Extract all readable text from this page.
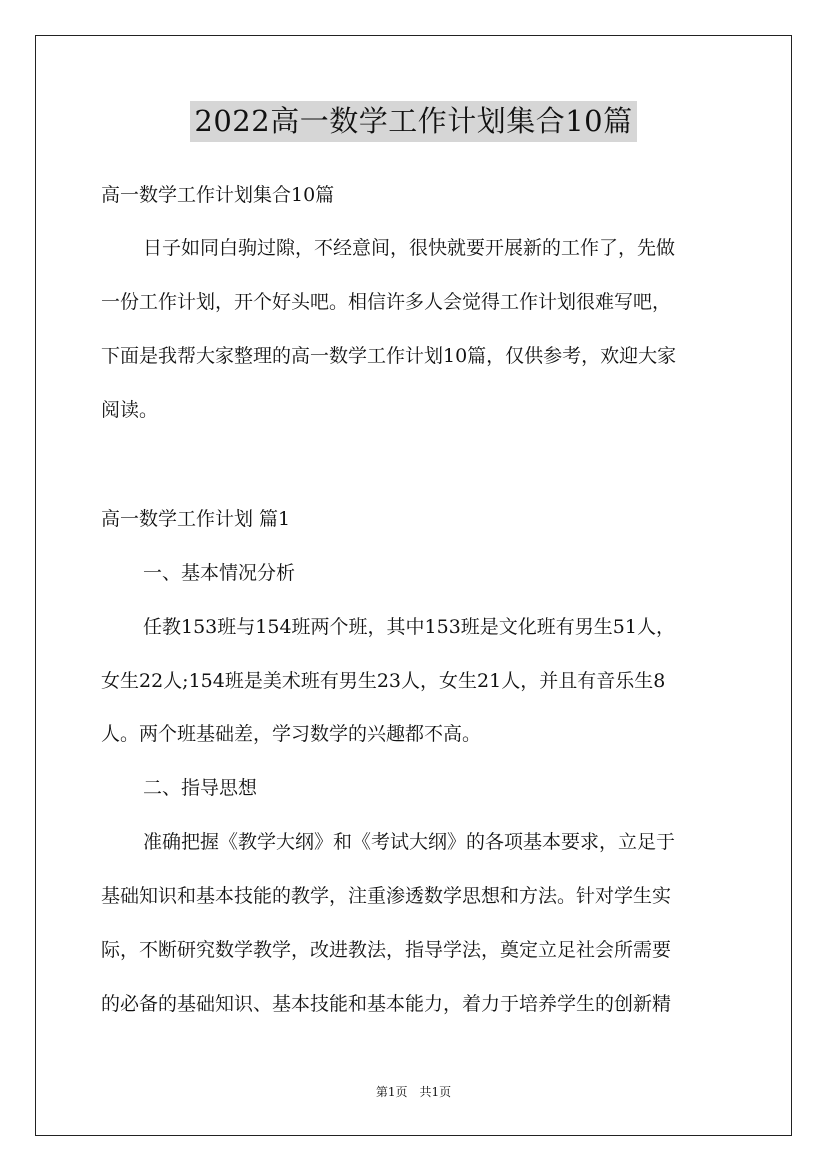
2022高一数学工作计划集合10篇

高一数学工作计划集合10篇

日子如同白驹过隙，不经意间，很快就要开展新的工作了，先做

一份工作计划，开个好头吧。相信许多人会觉得工作计划很难写吧，

下面是我帮大家整理的高一数学工作计划10篇，仅供参考，欢迎大家

阅读。

高一数学工作计划 篇1

一、基本情况分析

任教153班与154班两个班，其中153班是文化班有男生51人，

女生22人;154班是美术班有男生23人，女生21人，并且有音乐生8

人。两个班基础差，学习数学的兴趣都不高。

二、指导思想

准确把握《教学大纲》和《考试大纲》的各项基本要求，立足于

基础知识和基本技能的教学，注重渗透数学思想和方法。针对学生实

际，不断研究数学教学，改进教法，指导学法，奠定立足社会所需要

的必备的基础知识、基本技能和基本能力，着力于培养学生的创新精

第1页　共1页
